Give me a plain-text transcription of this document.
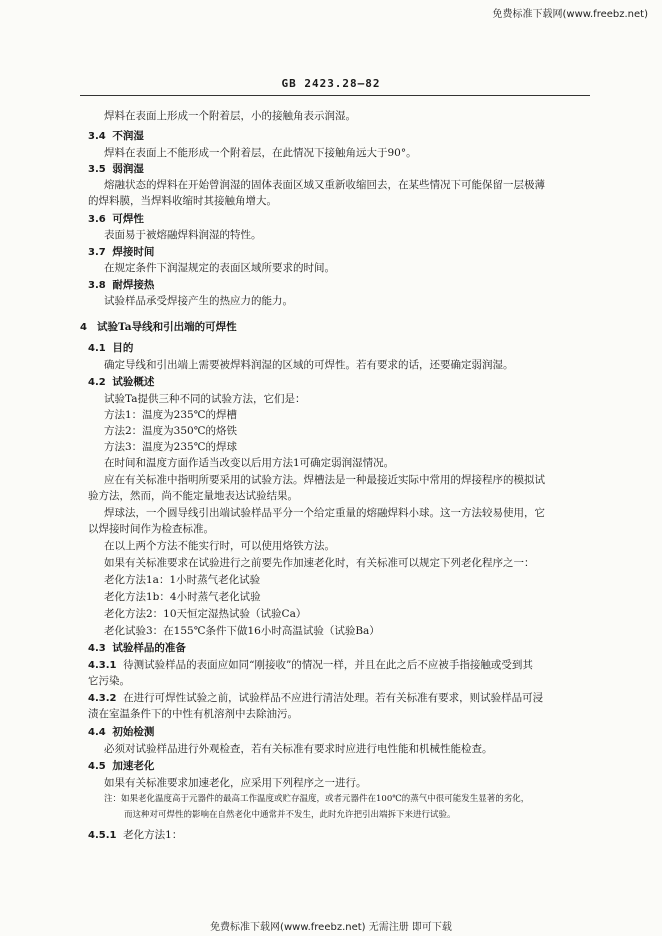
免费标准下载网(www.freebz.net)
GB 2423.28—82
焊料在表面上形成一个附着层，小的接触角表示润湿。
3.4 不润湿
焊料在表面上不能形成一个附着层，在此情况下接触角远大于90°。
3.5 弱润湿
熔融状态的焊料在开始曾润湿的固体表面区域又重新收缩回去，在某些情况下可能保留一层极薄
的焊料膜，当焊料收缩时其接触角增大。
3.6 可焊性
表面易于被熔融焊料润湿的特性。
3.7 焊接时间
在规定条件下润湿规定的表面区域所要求的时间。
3.8 耐焊接热
试验样品承受焊接产生的热应力的能力。
4 试验Ta导线和引出端的可焊性
4.1 目的
确定导线和引出端上需要被焊料润湿的区域的可焊性。若有要求的话，还要确定弱润湿。
4.2 试验概述
试验Ta提供三种不同的试验方法，它们是：
方法1：温度为235℃的焊槽
方法2：温度为350℃的烙铁
方法3：温度为235℃的焊球
在时间和温度方面作适当改变以后用方法1可确定弱润湿情况。
应在有关标准中指明所要采用的试验方法。焊槽法是一种最接近实际中常用的焊接程序的模拟试
验方法，然而，尚不能定量地表达试验结果。
焊球法，一个圆导线引出端试验样品平分一个给定重量的熔融焊料小球。这一方法较易使用，它
以焊接时间作为检查标准。
在以上两个方法不能实行时，可以使用烙铁方法。
如果有关标准要求在试验进行之前要先作加速老化时，有关标准可以规定下列老化程序之一：
老化方法1a：1小时蒸气老化试验
老化方法1b：4小时蒸气老化试验
老化方法2：10天恒定湿热试验（试验Ca）
老化试验3：在155℃条件下做16小时高温试验（试验Ba）
4.3 试验样品的准备
4.3.1 待测试验样品的表面应如同“刚接收”的情况一样，并且在此之后不应被手指接触或受到其
它污染。
4.3.2 在进行可焊性试验之前，试验样品不应进行清洁处理。若有关标准有要求，则试验样品可浸
渍在室温条件下的中性有机溶剂中去除油污。
4.4 初始检测
必须对试验样品进行外观检查，若有关标准有要求时应进行电性能和机械性能检查。
4.5 加速老化
如果有关标准要求加速老化，应采用下列程序之一进行。
注：如果老化温度高于元器件的最高工作温度或贮存温度，或者元器件在100℃的蒸气中很可能发生显著的劣化，
而这种对可焊性的影响在自然老化中通常并不发生，此时允许把引出端拆下来进行试验。
4.5.1 老化方法1：
免费标准下载网(www.freebz.net) 无需注册 即可下载
